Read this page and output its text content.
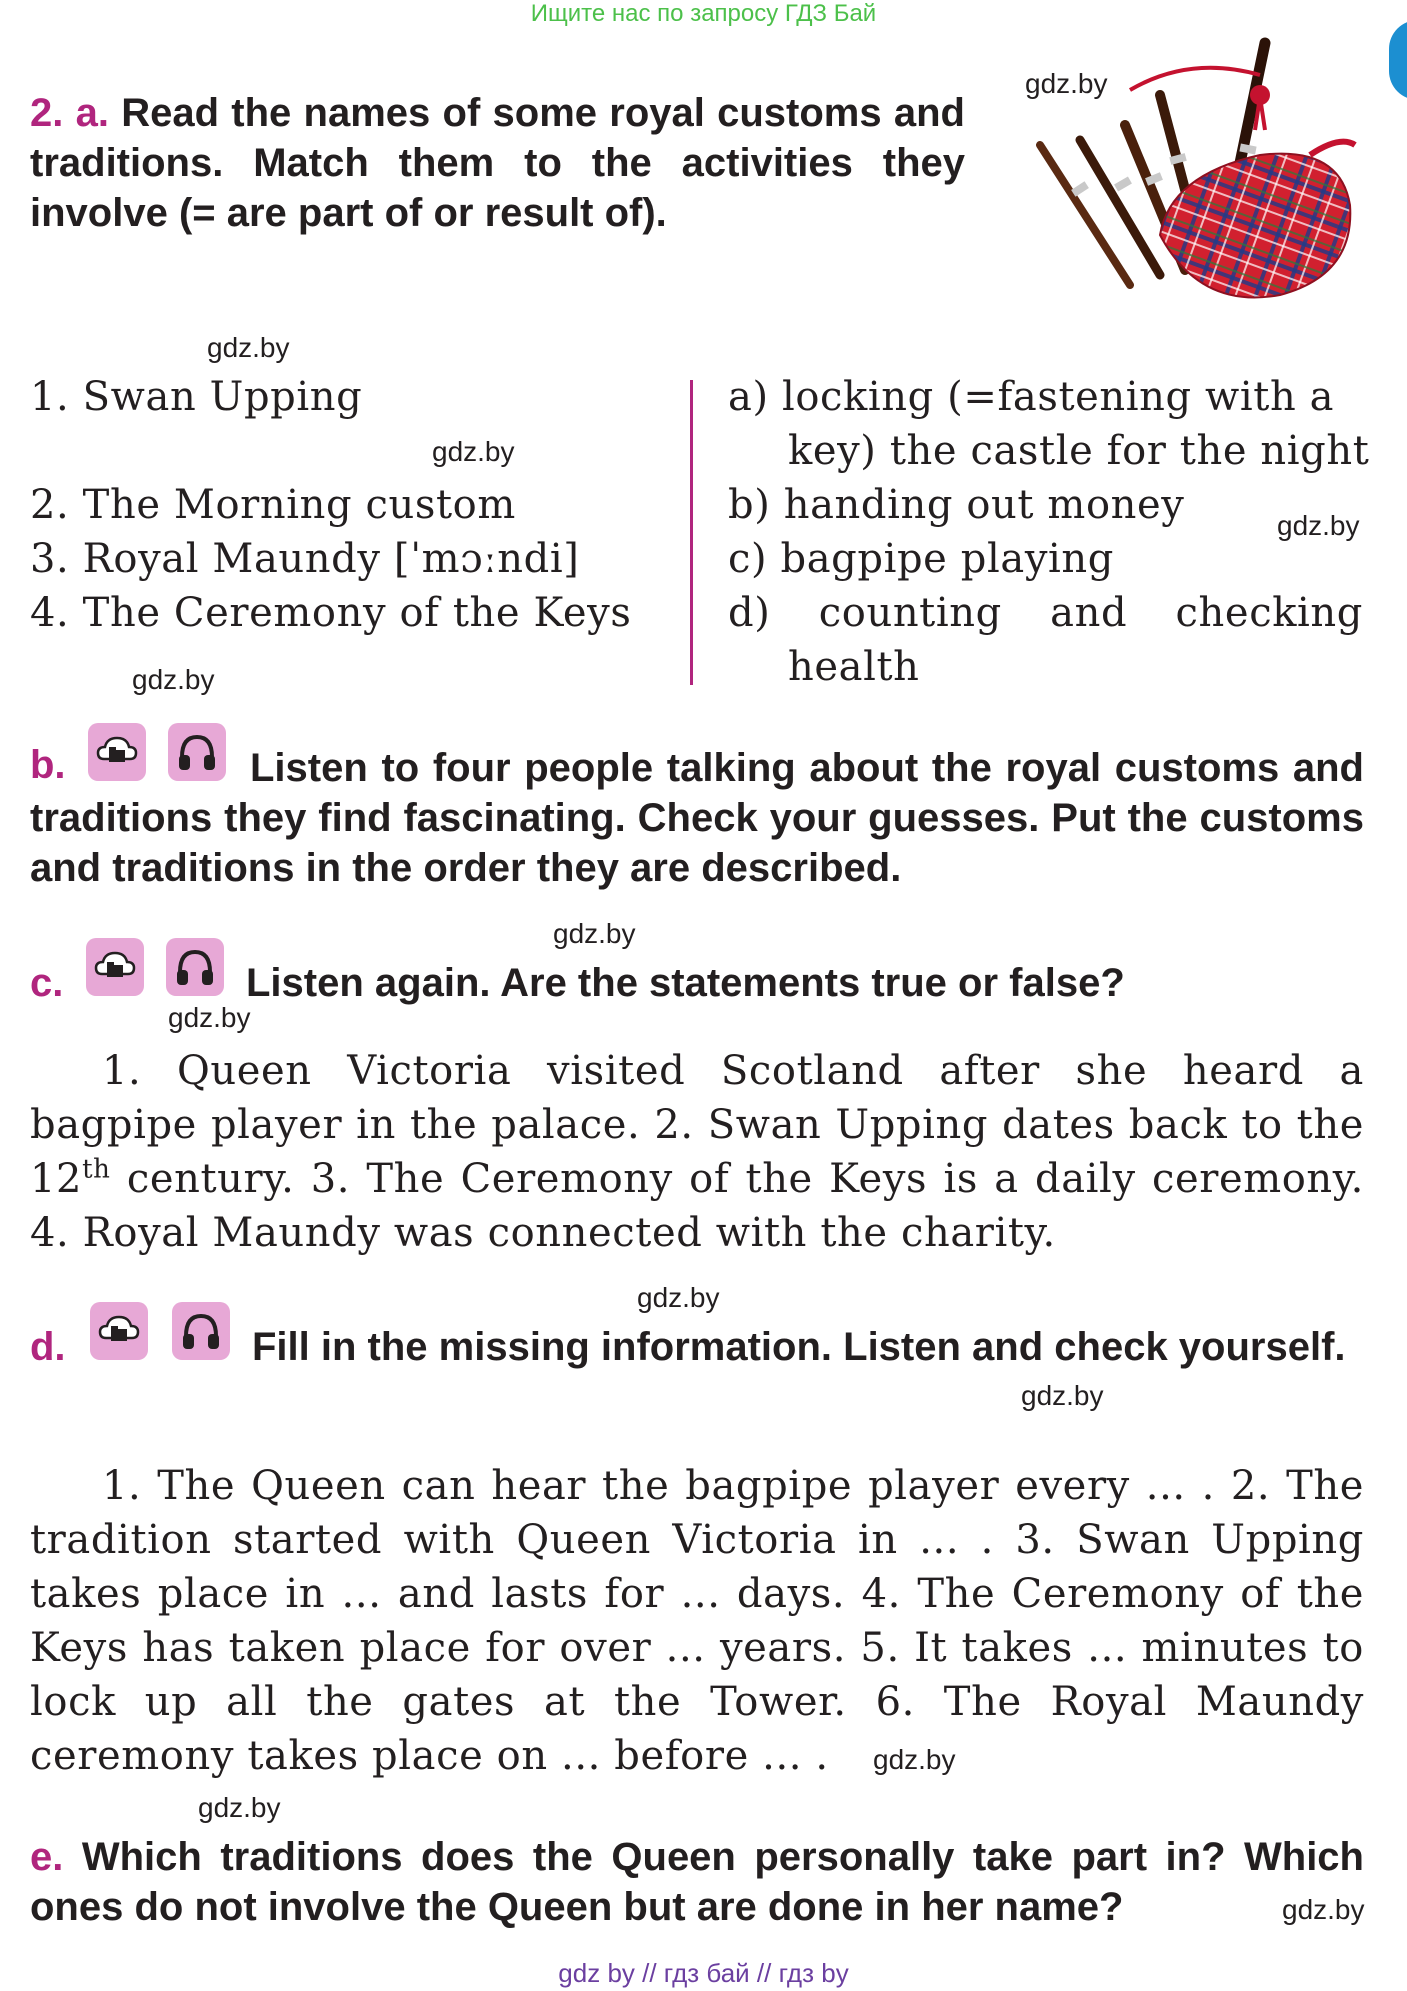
Ищите нас по запросу ГДЗ Бай
2. a. Read the names of some royal customs and traditions. Match them to the activities they involve (= are part of or result of).
gdz.by
gdz.by
gdz.by
gdz.by
gdz.by
gdz.by
gdz.by
gdz.by
gdz.by
gdz.by
gdz.by
gdz.by
1. Swan Upping
2. The Morning custom
3. Royal Maundy [ˈmɔːndi]
4. The Ceremony of the Keys
a) locking (=fastening with a
key) the castle for the night
b) handing out money
c) bagpipe playing
d) counting and checking
health
b.	Listen to four people talking about the royal customs and traditions they find fascinating. Check your guesses. Put the customs and traditions in the order they are described.
c.	Listen again. Are the statements true or false?
1. Queen Victoria visited Scotland after she heard a bagpipe player in the palace. 2. Swan Upping dates back to the 12th century. 3. The Ceremony of the Keys is a daily ceremony. 4. Royal Maundy was connected with the charity.
d.	Fill in the missing information. Listen and check yourself.
1. The Queen can hear the bagpipe player every ... . 2. The tradition started with Queen Victoria in ... . 3. Swan Upping takes place in ... and lasts for ... days. 4. The Ceremony of the Keys has taken place for over ... years. 5. It takes ... minutes to lock up all the gates at the Tower. 6. The Royal Maundy ceremony takes place on ... before ... .
e. Which traditions does the Queen personally take part in? Which ones do not involve the Queen but are done in her name?
gdz by // гдз бай // гдз by
